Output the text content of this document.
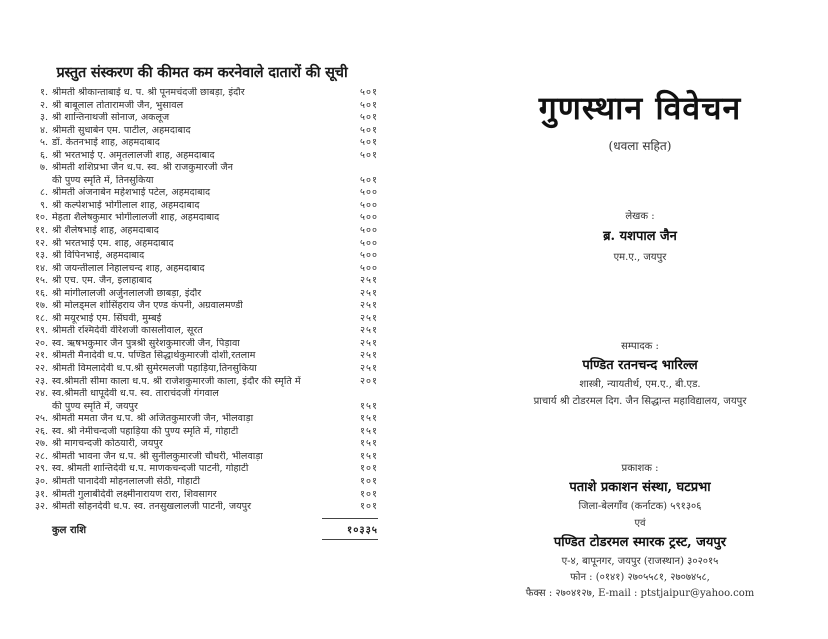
प्रस्तुत संस्करण की कीमत कम करनेवाले दातारों की सूची
१. श्रीमती श्रीकान्ताबाई ध. प. श्री पूनमचंदजी छाबड़ा, इंदौर	५०१
२. श्री बाबूलाल तोतारामजी जैन, भुसावल	५०१
३. श्री शान्तिनाथजी सोनाज, अकलूज	५०१
४. श्रीमती सुधाबेन एम. पाटील, अहमदाबाद	५०१
५. डॉ. केतनभाई शाह, अहमदाबाद	५०१
६. श्री भरतभाई ए. अमृतलालजी शाह, अहमदाबाद	५०१
७. श्रीमती शशिप्रभा जैन ध.प. स्व. श्री राजकुमारजी जैन
की पुण्य स्मृति में, तिनसुकिया	५०१
८. श्रीमती अंजनाबेन महेशभाई पटेल, अहमदाबाद	५००
९. श्री कल्पेशभाई भोगीलाल शाह, अहमदाबाद	५००
१०. मेहता शैलेषकुमार भोगीलालजी शाह, अहमदाबाद	५००
११. श्री शैलेषभाई शाह, अहमदाबाद	५००
१२. श्री भरतभाई एम. शाह, अहमदाबाद	५००
१३. श्री विपिनभाई, अहमदाबाद	५००
१४. श्री जयन्तीलाल निहालचन्द शाह, अहमदाबाद	५००
१५. श्री एच. एम. जैन, इलाहाबाद	२५१
१६. श्री मांगीलालजी अर्जुनलालजी छाबड़ा, इंदौर	२५१
१७. श्री मोलड्मल शोसिंहराय जैन एण्ड कंपनी, अग्रवालमण्डी	२५१
१८. श्री मयूरभाई एम. सिंघवी, मुम्बई	२५१
१९. श्रीमती रश्मिदेवी वीरेशजी कासलीवाल, सूरत	२५१
२०. स्व. ऋषभकुमार जैन पुत्रश्री सुरेशकुमारजी जैन, पिड़ावा	२५१
२१. श्रीमती मैनादेवी ध.प. पण्डित सिद्धार्थकुमारजी दोशी,रतलाम	२५१
२२. श्रीमती विमलादेवी ध.प.श्री सुमेरमलजी पहाड़िया,तिनसुकिया	२५१
२३. स्व.श्रीमती सीमा काला ध.प. श्री राजेशकुमारजी काला, इंदौर की स्मृति में	२०१
२४. स्व.श्रीमती धापूदेवी ध.प. स्व. ताराचंदजी गंगवाल
की पुण्य स्मृति में, जयपुर	१५१
२५. श्रीमती ममता जैन ध.प. श्री अजितकुमारजी जैन, भीलवाड़ा	१५१
२६. स्व. श्री नेमीचन्दजी पहाड़िया की पुण्य स्मृति में, गोहाटी	१५१
२७. श्री मागचन्दजी कोठयारी, जयपुर	१५१
२८. श्रीमती भावना जैन ध.प. श्री सुनीलकुमारजी चौधरी, भीलवाड़ा	१५१
२९. स्व. श्रीमती शान्तिदेवी ध.प. माणकचन्दजी पाटनी, गोहाटी	१०१
३०. श्रीमती पानादेवी मोहनलालजी सेठी, गोहाटी	१०१
३१. श्रीमती गुलाबीदेवी लक्ष्मीनारायण रारा, शिवसागर	१०१
३२. श्रीमती सोहनदेवी ध.प. स्व. तनसुखलालजी पाटनी, जयपुर	१०१
कुल राशि	१०३३५
गुणस्थान विवेचन
(धवला सहित)
लेखक :
ब्र. यशपाल जैन
एम.ए., जयपुर
सम्पादक :
पण्डित रतनचन्द भारिल्ल
शास्त्री, न्यायतीर्थ, एम.ए., बी.एड.
प्राचार्य श्री टोडरमल दिग. जैन सिद्धान्त महाविद्यालय, जयपुर
प्रकाशक :
पताशे प्रकाशन संस्था, घटप्रभा
जिला-बेलगाँव (कर्नाटक) ५९१३०६
एवं
पण्डित टोडरमल स्मारक ट्रस्ट, जयपुर
ए-४, बापूनगर, जयपुर (राजस्थान) ३०२०१५
फोन : (०१४१) २७०५५८१, २७०७४५८,
फैक्स : २७०४१२७, E-mail : ptstjaipur@yahoo.com
